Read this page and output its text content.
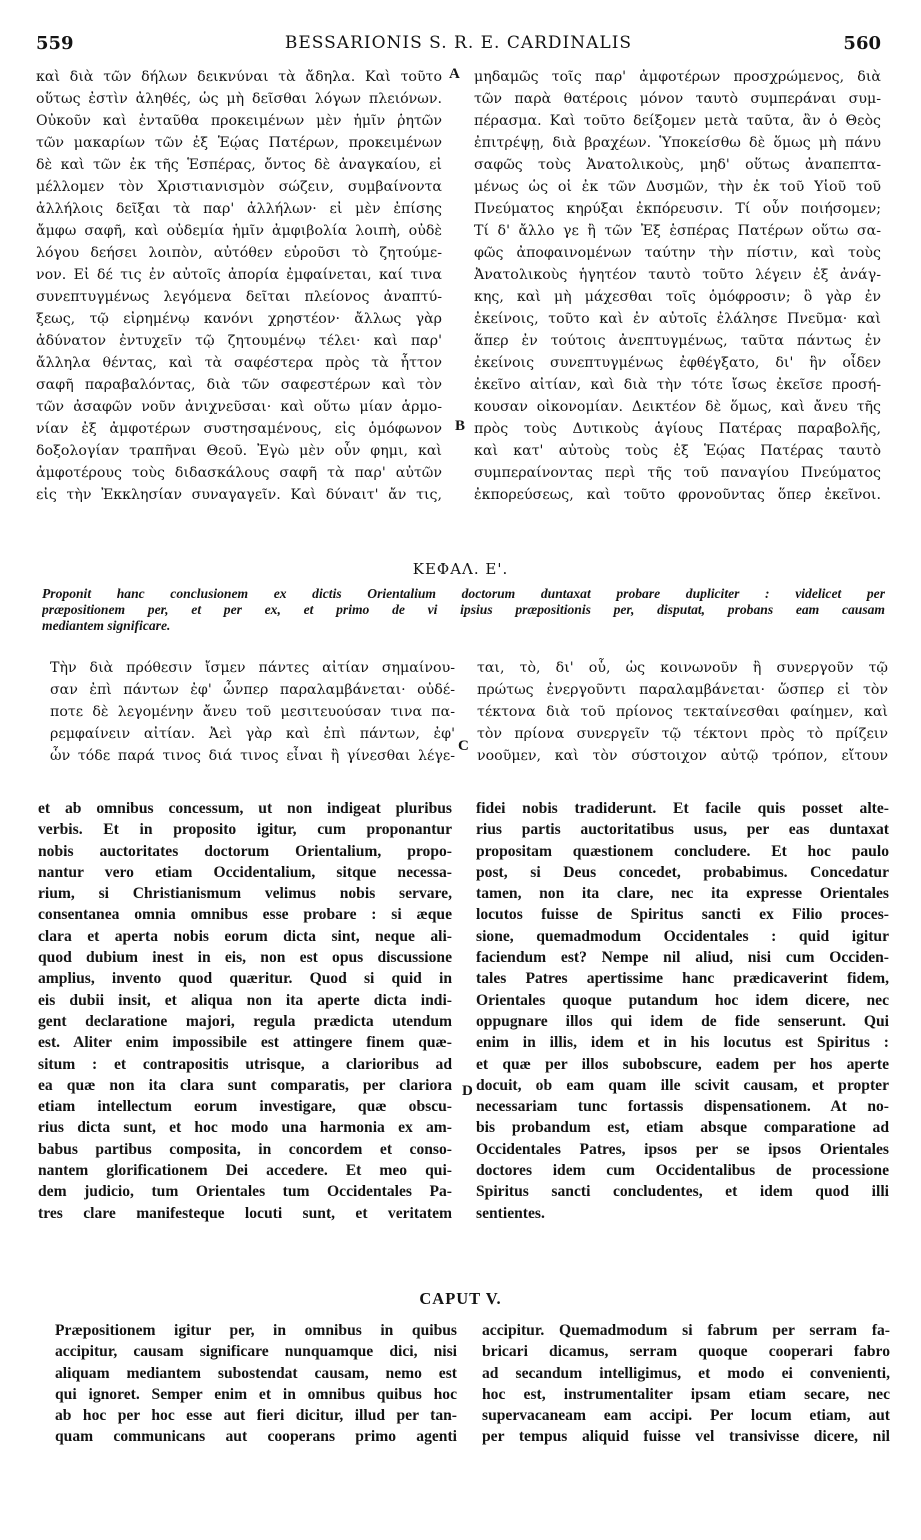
559	BESSARIONIS S. R. E. CARDINALIS	560
καὶ διὰ τῶν δήλων δεικνύναι τὰ ἄδηλα. Καὶ τοῦτο
οὕτως ἐστὶν ἀληθές, ὡς μὴ δεῖσθαι λόγων πλειόνων.
Οὐκοῦν καὶ ἐνταῦθα προκειμένων μὲν ἡμῖν ῥητῶν
τῶν μακαρίων τῶν ἐξ Ἑῴας Πατέρων, προκειμένων
δὲ καὶ τῶν ἐκ τῆς Ἑσπέρας, ὄντος δὲ ἀναγκαίου, εἰ
μέλλομεν τὸν Χριστιανισμὸν σώζειν, συμβαίνοντα
ἀλλήλοις δεῖξαι τὰ παρ' ἀλλήλων· εἰ μὲν ἐπίσης
ἄμφω σαφῆ, καὶ οὐδεμία ἡμῖν ἀμφιβολία λοιπὴ, οὐδὲ
λόγου δεήσει λοιπὸν, αὐτόθεν εὑροῦσι τὸ ζητούμε-
νον. Εἰ δέ τις ἐν αὐτοῖς ἀπορία ἐμφαίνεται, καί τινα
συνεπτυγμένως λεγόμενα δεῖται πλείονος ἀναπτύ-
ξεως, τῷ εἰρημένῳ κανόνι χρηστέον· ἄλλως γὰρ
ἀδύνατον ἐντυχεῖν τῷ ζητουμένῳ τέλει· καὶ παρ'
ἄλληλα θέντας, καὶ τὰ σαφέστερα πρὸς τὰ ἧττον
σαφῆ παραβαλόντας, διὰ τῶν σαφεστέρων καὶ τὸν
τῶν ἀσαφῶν νοῦν ἀνιχνεῦσαι· καὶ οὕτω μίαν ἁρμο-
νίαν ἐξ ἀμφοτέρων συστησαμένους, εἰς ὁμόφωνον
δοξολογίαν τραπῆναι Θεοῦ. Ἐγὼ μὲν οὖν φημι, καὶ
ἀμφοτέρους τοὺς διδασκάλους σαφῆ τὰ παρ' αὐτῶν
εἰς τὴν Ἐκκλησίαν συναγαγεῖν. Καὶ δύναιτ' ἄν τις,
μηδαμῶς τοῖς παρ' ἀμφοτέρων προσχρώμενος, διὰ
τῶν παρὰ θατέροις μόνον ταυτὸ συμπεράναι συμ-
πέρασμα. Καὶ τοῦτο δείξομεν μετὰ ταῦτα, ἂν ὁ Θεὸς
ἐπιτρέψῃ, διὰ βραχέων. Ὑποκείσθω δὲ ὅμως μὴ πάνυ
σαφῶς τοὺς Ἀνατολικοὺς, μηδ' οὕτως ἀναπεπτα-
μένως ὡς οἱ ἐκ τῶν Δυσμῶν, τὴν ἐκ τοῦ Υἱοῦ τοῦ
Πνεύματος κηρύξαι ἐκπόρευσιν. Τί οὖν ποιήσομεν;
Τί δ' ἄλλο γε ἢ τῶν Ἐξ ἑσπέρας Πατέρων οὕτω σα-
φῶς ἀποφαινομένων ταύτην τὴν πίστιν, καὶ τοὺς
Ἀνατολικοὺς ἡγητέον ταυτὸ τοῦτο λέγειν ἐξ ἀνάγ-
κης, καὶ μὴ μάχεσθαι τοῖς ὁμόφροσιν; ὃ γὰρ ἐν
ἐκείνοις, τοῦτο καὶ ἐν αὐτοῖς ἐλάλησε Πνεῦμα· καὶ
ἅπερ ἐν τούτοις ἀνεπτυγμένως, ταῦτα πάντως ἐν
ἐκείνοις συνεπτυγμένως ἐφθέγξατο, δι' ἣν οἶδεν
ἐκεῖνο αἰτίαν, καὶ διὰ τὴν τότε ἴσως ἐκεῖσε προσή-
κουσαν οἰκονομίαν. Δεικτέον δὲ ὅμως, καὶ ἄνευ τῆς
πρὸς τοὺς Δυτικοὺς ἁγίους Πατέρας παραβολῆς,
καὶ κατ' αὐτοὺς τοὺς ἐξ Ἑῴας Πατέρας ταυτὸ
συμπεραίνοντας περὶ τῆς τοῦ παναγίου Πνεύματος
ἐκπορεύσεως, καὶ τοῦτο φρονοῦντας ὅπερ ἐκεῖνοι.
A
B
ΚΕΦΑΛ. Ε'.
Proponit hanc conclusionem ex dictis Orientalium doctorum duntaxat probare dupliciter : videlicet per
præpositionem per, et per ex, et primo de vi ipsius præpositionis per, disputat, probans eam causam
mediantem significare.
Τὴν διὰ πρόθεσιν ἴσμεν πάντες αἰτίαν σημαίνου-
σαν ἐπὶ πάντων ἐφ' ὧνπερ παραλαμβάνεται· οὐδέ-
ποτε δὲ λεγομένην ἄνευ τοῦ μεσιτευούσαν τινα πα-
ρεμφαίνειν αἰτίαν. Ἀεὶ γὰρ καὶ ἐπὶ πάντων, ἐφ'
ὧν τόδε παρά τινος διά τινος εἶναι ἢ γίνεσθαι λέγε-
ται, τὸ, δι' οὗ, ὡς κοινωνοῦν ἢ συνεργοῦν τῷ
πρώτως ἐνεργοῦντι παραλαμβάνεται· ὥσπερ εἰ τὸν
τέκτονα διὰ τοῦ πρίονος τεκταίνεσθαι φαίημεν, καὶ
τὸν πρίονα συνεργεῖν τῷ τέκτονι πρὸς τὸ πρίζειν
νοοῦμεν, καὶ τὸν σύστοιχον αὐτῷ τρόπον, εἴτουν
C
et ab omnibus concessum, ut non indigeat pluribus
verbis. Et in proposito igitur, cum proponantur
nobis auctoritates doctorum Orientalium, propo-
nantur vero etiam Occidentalium, sitque necessa-
rium, si Christianismum velimus nobis servare,
consentanea omnia omnibus esse probare : si æque
clara et aperta nobis eorum dicta sint, neque ali-
quod dubium inest in eis, non est opus discussione
amplius, invento quod quæritur. Quod si quid in
eis dubii insit, et aliqua non ita aperte dicta indi-
gent declaratione majori, regula prædicta utendum
est. Aliter enim impossibile est attingere finem quæ-
situm : et contrapositis utrisque, a clarioribus ad
ea quæ non ita clara sunt comparatis, per clariora
etiam intellectum eorum investigare, quæ obscu-
rius dicta sunt, et hoc modo una harmonia ex am-
babus partibus composita, in concordem et conso-
nantem glorificationem Dei accedere. Et meo qui-
dem judicio, tum Orientales tum Occidentales Pa-
tres clare manifesteque locuti sunt, et veritatem
fidei nobis tradiderunt. Et facile quis posset alte-
rius partis auctoritatibus usus, per eas duntaxat
propositam quæstionem concludere. Et hoc paulo
post, si Deus concedet, probabimus. Concedatur
tamen, non ita clare, nec ita expresse Orientales
locutos fuisse de Spiritus sancti ex Filio proces-
sione, quemadmodum Occidentales : quid igitur
faciendum est? Nempe nil aliud, nisi cum Occiden-
tales Patres apertissime hanc prædicaverint fidem,
Orientales quoque putandum hoc idem dicere, nec
oppugnare illos qui idem de fide senserunt. Qui
enim in illis, idem et in his locutus est Spiritus :
et quæ per illos subobscure, eadem per hos aperte
docuit, ob eam quam ille scivit causam, et propter
necessariam tunc fortassis dispensationem. At no-
bis probandum est, etiam absque comparatione ad
Occidentales Patres, ipsos per se ipsos Orientales
doctores idem cum Occidentalibus de processione
Spiritus sancti concludentes, et idem quod illi
sentientes.
D
CAPUT V.
Præpositionem igitur per, in omnibus in quibus
accipitur, causam significare nunquamque dici, nisi
aliquam mediantem subostendat causam, nemo est
qui ignoret. Semper enim et in omnibus quibus hoc
ab hoc per hoc esse aut fieri dicitur, illud per tan-
quam communicans aut cooperans primo agenti
accipitur. Quemadmodum si fabrum per serram fa-
bricari dicamus, serram quoque cooperari fabro
ad secandum intelligimus, et modo ei convenienti,
hoc est, instrumentaliter ipsam etiam secare, nec
supervacaneam eam accipi. Per locum etiam, aut
per tempus aliquid fuisse vel transivisse dicere, nil
